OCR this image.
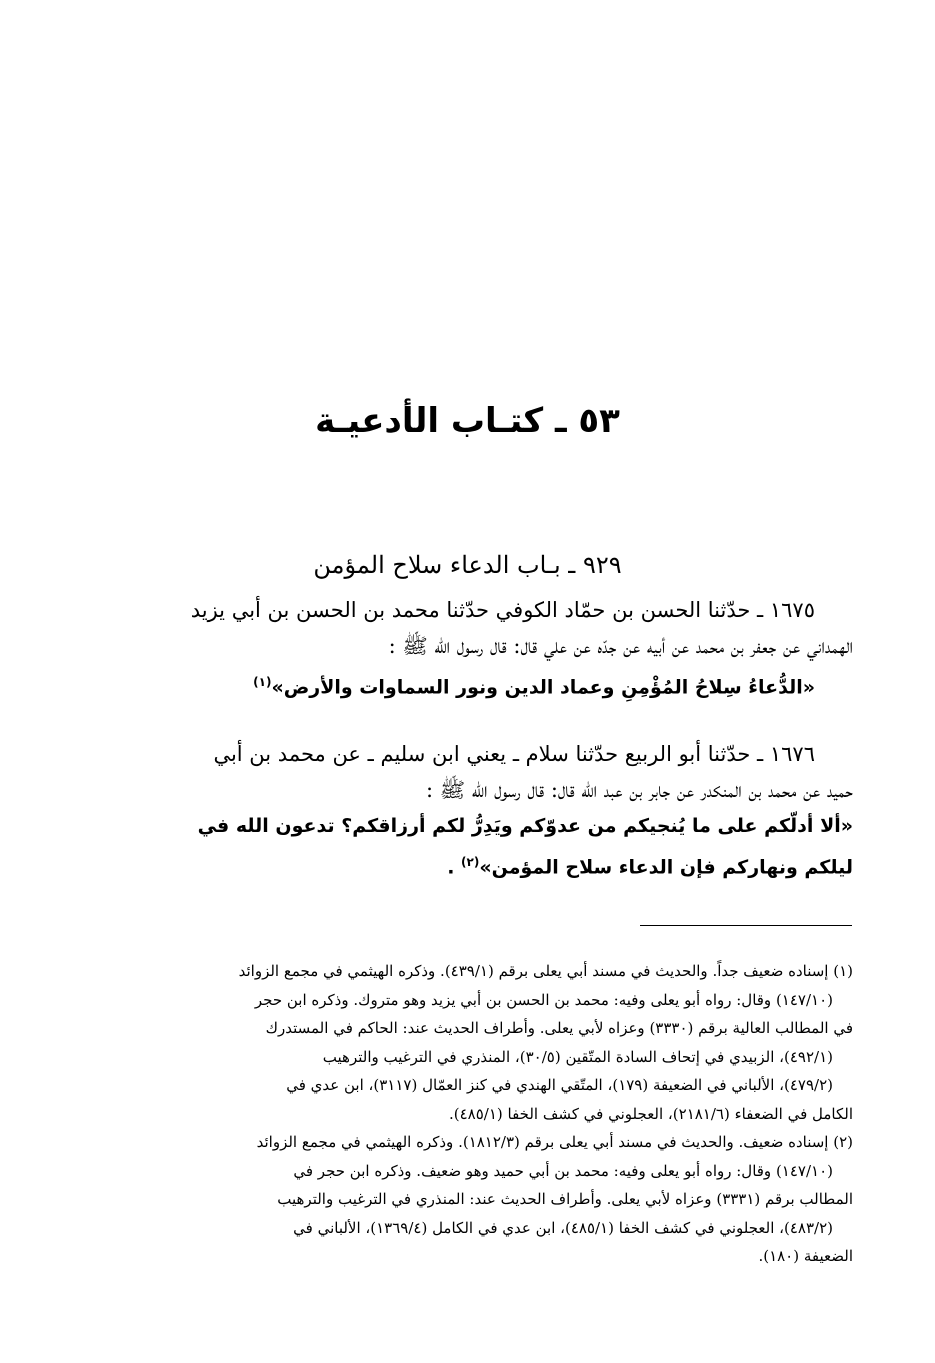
٥٣ ـ كتـاب الأدعيـة
٩٢٩ ـ بـاب الدعاء سلاح المؤمن
١٦٧٥ ـ حدّثنا الحسن بن حمّاد الكوفي حدّثنا محمد بن الحسن بن أبي يزيد
الهمداني عن جعفر بن محمد عن أبيه عن جدّه عن علي قال: قال رسول الله ﷺ :
«الدُّعاءُ سِلاحُ المُؤْمِنِ وعماد الدين ونور السماوات والأرض»$^{(١)}$
١٦٧٦ ـ حدّثنا أبو الربيع حدّثنا سلام ـ يعني ابن سليم ـ عن محمد بن أبي
حميد عن محمد بن المنكدر عن جابر بن عبد الله قال: قال رسول الله ﷺ :
«ألا أدلّكم على ما يُنجيكم من عدوّكم ويَدِرُّ لكم أرزاقكم؟ تدعون الله في
ليلكم ونهاركم فإن الدعاء سلاح المؤمن»$^{(٢)}$ .
(١) إسناده ضعيف جداً. والحديث في مسند أبي يعلى برقم (٤٣٩/١). وذكره الهيثمي في مجمع الزوائد
(١٤٧/١٠) وقال: رواه أبو يعلى وفيه: محمد بن الحسن بن أبي يزيد وهو متروك. وذكره ابن حجر
في المطالب العالية برقم (٣٣٣٠) وعزاه لأبي يعلى. وأطراف الحديث عند: الحاكم في المستدرك
(٤٩٢/١)، الزبيدي في إتحاف السادة المتّقين (٣٠/٥)، المنذري في الترغيب والترهيب
(٤٧٩/٢)، الألباني في الضعيفة (١٧٩)، المتّقي الهندي في كنز العمّال (٣١١٧)، ابن عدي في
الكامل في الضعفاء (٢١٨١/٦)، العجلوني في كشف الخفا (٤٨٥/١).
(٢) إسناده ضعيف. والحديث في مسند أبي يعلى برقم (١٨١٢/٣). وذكره الهيثمي في مجمع الزوائد
(١٤٧/١٠) وقال: رواه أبو يعلى وفيه: محمد بن أبي حميد وهو ضعيف. وذكره ابن حجر في
المطالب برقم (٣٣٣١) وعزاه لأبي يعلى. وأطراف الحديث عند: المنذري في الترغيب والترهيب
(٤٨٣/٢)، العجلوني في كشف الخفا (٤٨٥/١)، ابن عدي في الكامل (١٣٦٩/٤)، الألباني في
الضعيفة (١٨٠).
